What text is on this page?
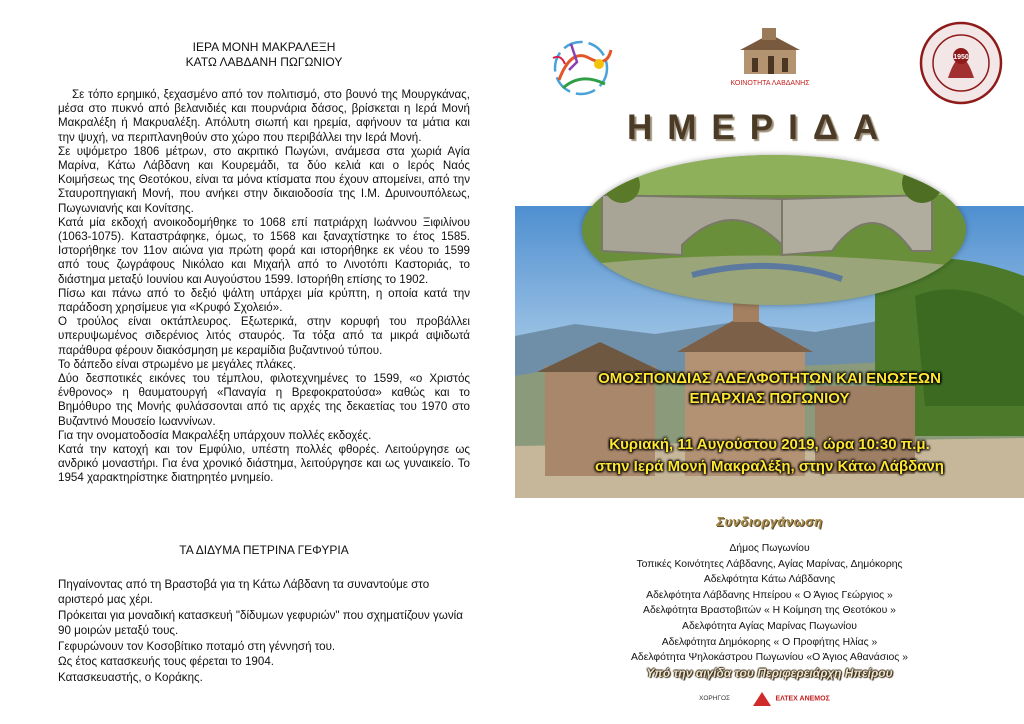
ΙΕΡΑ ΜΟΝΗ ΜΑΚΡΑΛΕΞΗ
ΚΑΤΩ ΛΑΒΔΑΝΗ ΠΩΓΩΝΙΟΥ

Σε τόπο ερημικό, ξεχασμένο από τον πολιτισμό, στο βουνό της Μουργκάνας, μέσα στο πυκνό από βελανιδιές και πουρνάρια δάσος, βρίσκεται η Ιερά Μονή Μακραλέξη ή Μακρυαλέξη. Απόλυτη σιωπή και ηρεμία, αφήνουν τα μάτια και την ψυχή, να περιπλανηθούν στο χώρο που περιβάλλει την Ιερά Μονή.

Σε υψόμετρο 1806 μέτρων, στο ακριτικό Πωγώνι, ανάμεσα στα χωριά Αγία Μαρίνα, Κάτω Λάβδανη και Κουρεμάδι, τα δύο κελιά και ο Ιερός Ναός Κοιμήσεως της Θεοτόκου, είναι τα μόνα κτίσματα που έχουν απομείνει, από την Σταυροπηγιακή Μονή, που ανήκει στην δικαιοδοσία της Ι.Μ. Δρυινουπόλεως, Πωγωνιανής και Κονίτσης.

Κατά μία εκδοχή ανοικοδομήθηκε το 1068 επί πατριάρχη Ιωάννου Ξιφιλίνου (1063-1075). Καταστράφηκε, όμως, το 1568 και ξαναχτίστηκε το έτος 1585. Ιστορήθηκε τον 11ον αιώνα για πρώτη φορά και ιστορήθηκε εκ νέου το 1599 από τους ζωγράφους Νικόλαο και Μιχαήλ από το Λινοτόπι Καστοριάς, το διάστημα μεταξύ Ιουνίου και Αυγούστου 1599. Ιστορήθη επίσης το 1902.

Πίσω και πάνω από το δεξιό ψάλτη υπάρχει μία κρύπτη, η οποία κατά την παράδοση χρησίμευε για «Κρυφό Σχολειό».

Ο τρούλος είναι οκτάπλευρος. Εξωτερικά, στην κορυφή του προβάλλει υπερυψωμένος σιδερένιος λιτός σταυρός. Τα τόξα από τα μικρά αψιδωτά παράθυρα φέρουν διακόσμηση με κεραμίδια βυζαντινού τύπου.

Το δάπεδο είναι στρωμένο με μεγάλες πλάκες.

Δύο δεσποτικές εικόνες του τέμπλου, φιλοτεχνημένες το 1599, «ο Χριστός ένθρονος» η θαυματουργή «Παναγία η Βρεφοκρατούσα» καθώς και το Βημόθυρο της Μονής φυλάσσονται από τις αρχές της δεκαετίας του 1970 στο Βυζαντινό Μουσείο Ιωαννίνων.

Για την ονοματοδοσία Μακραλέξη υπάρχουν πολλές εκδοχές.

Κατά την κατοχή και τον Εμφύλιο, υπέστη πολλές φθορές. Λειτούργησε ως ανδρικό μοναστήρι. Για ένα χρονικό διάστημα, λειτούργησε και ως γυναικείο. Το 1954 χαρακτηρίστηκε διατηρητέο μνημείο.

ΤΑ ΔΙΔΥΜΑ ΠΕΤΡΙΝΑ ΓΕΦΥΡΙΑ

Πηγαίνοντας από τη Βραστοβά για τη Κάτω Λάβδανη τα συναντούμε στο αριστερό μας χέρι.

Πρόκειται για μοναδική κατασκευή "δίδυμων γεφυριών" που σχηματίζουν γωνία 90 μοιρών μεταξύ τους.

Γεφυρώνουν τον Κοσοβίτικο ποταμό στη γέννησή του.

Ως έτος κατασκευής τους φέρεται το 1904.

Κατασκευαστής, ο Κοράκης.

ΚΟΙΝΟΤΗΤΑ ΛΑΒΔΑΝΗΣ
1950
ΗΜΕΡΙΔΑ
ΟΜΟΣΠΟΝΔΙΑΣ ΑΔΕΛΦΟΤΗΤΩΝ ΚΑΙ ΕΝΩΣΕΩΝ
ΕΠΑΡΧΙΑΣ ΠΩΓΩΝΙΟΥ
Κυριακή, 11 Αυγούστου 2019, ώρα 10:30 π.μ.
στην Ιερά Μονή Μακραλέξη, στην Κάτω Λάβδανη
Συνδιοργάνωση
Δήμος Πωγωνίου
Τοπικές Κοινότητες Λάβδανης, Αγίας Μαρίνας, Δημόκορης
Αδελφότητα Κάτω Λάβδανης
Αδελφότητα Λάβδανης Ηπείρου « Ο Άγιος Γεώργιος »
Αδελφότητα Βραστοβιτών « Η Κοίμηση της Θεοτόκου »
Αδελφότητα Αγίας Μαρίνας Πωγωνίου
Αδελφότητα Δημόκορης « Ο Προφήτης Ηλίας »
Αδελφότητα Ψηλοκάστρου Πωγωνίου «Ο Άγιος Αθανάσιος »
Υπό την αιγίδα του Περιφερειάρχη Ηπείρου
ΧΟΡΗΓΟΣ	ΕΛΤΕΧ ΑΝΕΜΟΣ
